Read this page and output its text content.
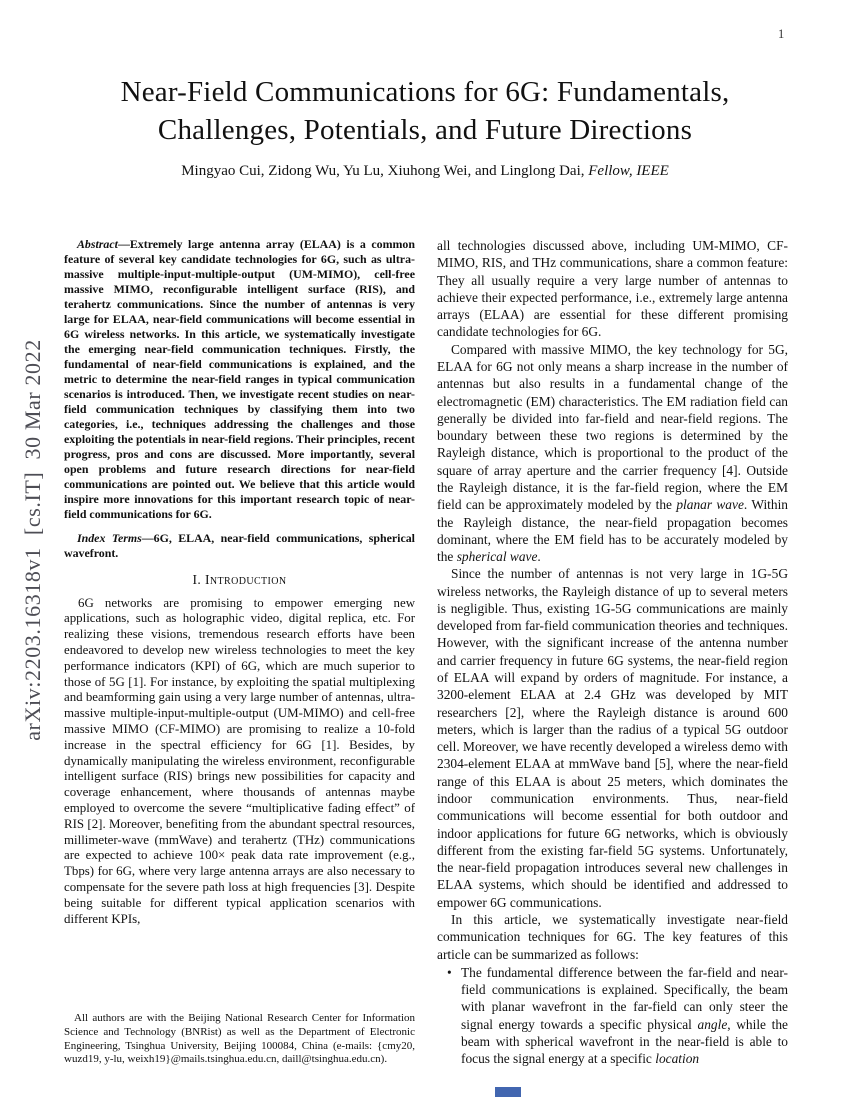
1
arXiv:2203.16318v1  [cs.IT]  30 Mar 2022
Near-Field Communications for 6G: Fundamentals,
Challenges, Potentials, and Future Directions
Mingyao Cui, Zidong Wu, Yu Lu, Xiuhong Wei, and Linglong Dai, Fellow, IEEE

Abstract—Extremely large antenna array (ELAA) is a common feature of several key candidate technologies for 6G, such as ultra-massive multiple-input-multiple-output (UM-MIMO), cell-free massive MIMO, reconfigurable intelligent surface (RIS), and terahertz communications. Since the number of antennas is very large for ELAA, near-field communications will become essential in 6G wireless networks. In this article, we systematically investigate the emerging near-field communication techniques. Firstly, the fundamental of near-field communications is explained, and the metric to determine the near-field ranges in typical communication scenarios is introduced. Then, we investigate recent studies on near-field communication techniques by classifying them into two categories, i.e., techniques addressing the challenges and those exploiting the potentials in near-field regions. Their principles, recent progress, pros and cons are discussed. More importantly, several open problems and future research directions for near-field communications are pointed out. We believe that this article would inspire more innovations for this important research topic of near-field communications for 6G.

Index Terms—6G, ELAA, near-field communications, spherical wavefront.

I. Introduction

6G networks are promising to empower emerging new applications, such as holographic video, digital replica, etc. For realizing these visions, tremendous research efforts have been endeavored to develop new wireless technologies to meet the key performance indicators (KPI) of 6G, which are much superior to those of 5G [1]. For instance, by exploiting the spatial multiplexing and beamforming gain using a very large number of antennas, ultra-massive multiple-input-multiple-output (UM-MIMO) and cell-free massive MIMO (CF-MIMO) are promising to realize a 10-fold increase in the spectral efficiency for 6G [1]. Besides, by dynamically manipulating the wireless environment, reconfigurable intelligent surface (RIS) brings new possibilities for capacity and coverage enhancement, where thousands of antennas maybe employed to overcome the severe “multiplicative fading effect” of RIS [2]. Moreover, benefiting from the abundant spectral resources, millimeter-wave (mmWave) and terahertz (THz) communications are expected to achieve 100× peak data rate improvement (e.g., Tbps) for 6G, where very large antenna arrays are also necessary to compensate for the severe path loss at high frequencies [3]. Despite being suitable for different typical application scenarios with different KPIs,

all technologies discussed above, including UM-MIMO, CF-MIMO, RIS, and THz communications, share a common feature: They all usually require a very large number of antennas to achieve their expected performance, i.e., extremely large antenna arrays (ELAA) are essential for these different promising candidate technologies for 6G.

Compared with massive MIMO, the key technology for 5G, ELAA for 6G not only means a sharp increase in the number of antennas but also results in a fundamental change of the electromagnetic (EM) characteristics. The EM radiation field can generally be divided into far-field and near-field regions. The boundary between these two regions is determined by the Rayleigh distance, which is proportional to the product of the square of array aperture and the carrier frequency [4]. Outside the Rayleigh distance, it is the far-field region, where the EM field can be approximately modeled by the planar wave. Within the Rayleigh distance, the near-field propagation becomes dominant, where the EM field has to be accurately modeled by the spherical wave.

Since the number of antennas is not very large in 1G-5G wireless networks, the Rayleigh distance of up to several meters is negligible. Thus, existing 1G-5G communications are mainly developed from far-field communication theories and techniques. However, with the significant increase of the antenna number and carrier frequency in future 6G systems, the near-field region of ELAA will expand by orders of magnitude. For instance, a 3200-element ELAA at 2.4 GHz was developed by MIT researchers [2], where the Rayleigh distance is around 600 meters, which is larger than the radius of a typical 5G outdoor cell. Moreover, we have recently developed a wireless demo with 2304-element ELAA at mmWave band [5], where the near-field range of this ELAA is about 25 meters, which dominates the indoor communication environments. Thus, near-field communications will become essential for both outdoor and indoor applications for future 6G networks, which is obviously different from the existing far-field 5G systems. Unfortunately, the near-field propagation introduces several new challenges in ELAA systems, which should be identified and addressed to empower 6G communications.

In this article, we systematically investigate near-field communication techniques for 6G. The key features of this article can be summarized as follows:

• The fundamental difference between the far-field and near-field communications is explained. Specifically, the beam with planar wavefront in the far-field can only steer the signal energy towards a specific physical angle, while the beam with spherical wavefront in the near-field is able to focus the signal energy at a specific location

All authors are with the Beijing National Research Center for Information Science and Technology (BNRist) as well as the Department of Electronic Engineering, Tsinghua University, Beijing 100084, China (e-mails: {cmy20, wuzd19, y-lu, weixh19}@mails.tsinghua.edu.cn, daill@tsinghua.edu.cn).
